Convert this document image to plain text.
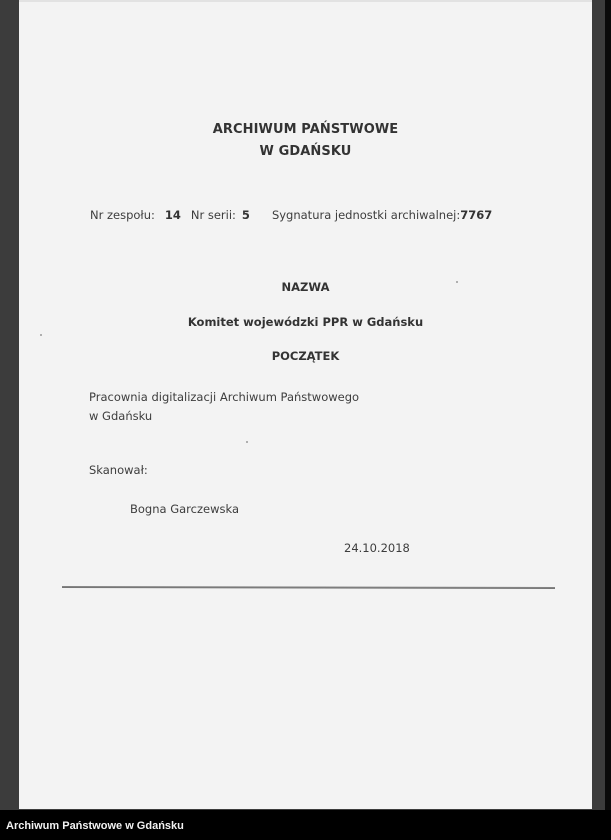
ARCHIWUM PAŃSTWOWE
W GDAŃSKU
Nr zespołu: 14 Nr serii: 5 Sygnatura jednostki archiwalnej:7767
NAZWA
Komitet wojewódzki PPR w Gdańsku
POCZĄTEK
Pracownia digitalizacji Archiwum Państwowego
w Gdańsku
Skanował:
Bogna Garczewska
24.10.2018
Archiwum Państwowe w Gdańsku
